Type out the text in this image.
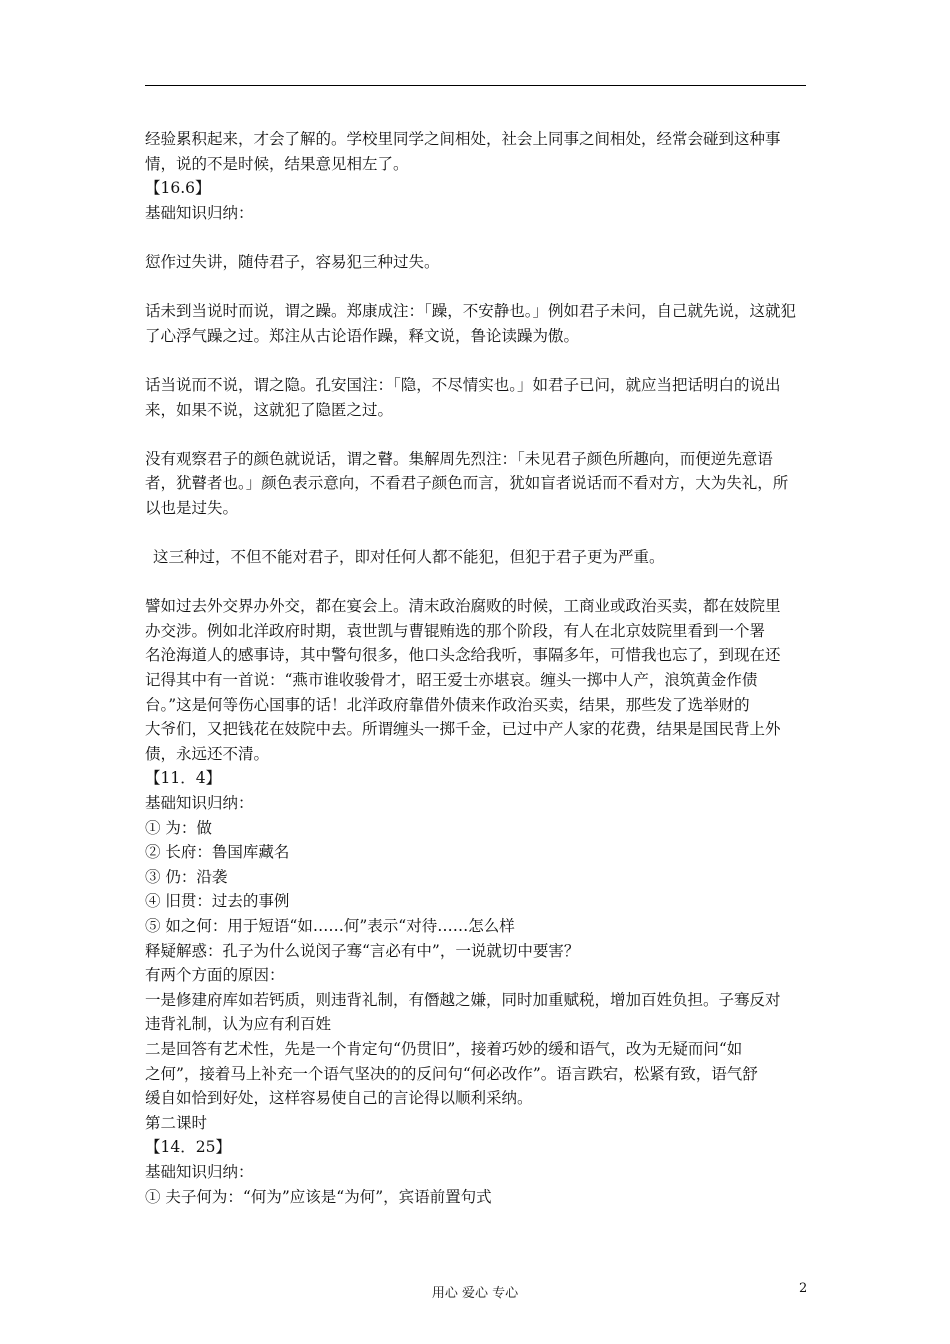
经验累积起来，才会了解的。学校里同学之间相处，社会上同事之间相处，经常会碰到这种事

情，说的不是时候，结果意见相左了。

【16.6】

基础知识归纳：

愆作过失讲，随侍君子，容易犯三种过失。

话未到当说时而说，谓之躁。郑康成注：「躁，不安静也。」例如君子未问，自己就先说，这就犯

了心浮气躁之过。郑注从古论语作躁，释文说，鲁论读躁为傲。

话当说而不说，谓之隐。孔安国注：「隐，不尽情实也。」如君子已问，就应当把话明白的说出

来，如果不说，这就犯了隐匿之过。

没有观察君子的颜色就说话，谓之瞽。集解周先烈注：「未见君子颜色所趣向，而便逆先意语

者，犹瞽者也。」颜色表示意向，不看君子颜色而言，犹如盲者说话而不看对方，大为失礼，所

以也是过失。

这三种过，不但不能对君子，即对任何人都不能犯，但犯于君子更为严重。

譬如过去外交界办外交，都在宴会上。清末政治腐败的时候，工商业或政治买卖，都在妓院里

办交涉。例如北洋政府时期，袁世凯与曹锟贿选的那个阶段，有人在北京妓院里看到一个署

名沧海道人的感事诗，其中警句很多，他口头念给我听，事隔多年，可惜我也忘了，到现在还

记得其中有一首说：“燕市谁收骏骨才，昭王爱士亦堪哀。缠头一掷中人产，浪筑黄金作债

台。”这是何等伤心国事的话！北洋政府靠借外债来作政治买卖，结果，那些发了选举财的

大爷们，又把钱花在妓院中去。所谓缠头一掷千金，已过中产人家的花费，结果是国民背上外

债，永远还不清。

【11．4】

基础知识归纳：

① 为：做

② 长府：鲁国库藏名

③ 仍：沿袭

④ 旧贯：过去的事例

⑤ 如之何：用于短语“如……何”表示“对待……怎么样

释疑解惑：孔子为什么说闵子骞“言必有中”，一说就切中要害？

有两个方面的原因：

一是修建府库如若钙质，则违背礼制，有僭越之嫌，同时加重赋税，增加百姓负担。子骞反对

违背礼制，认为应有利百姓

二是回答有艺术性，先是一个肯定句“仍贯旧”，接着巧妙的缓和语气，改为无疑而问“如

之何”，接着马上补充一个语气坚决的的反问句“何必改作”。语言跌宕，松紧有致，语气舒

缓自如恰到好处，这样容易使自己的言论得以顺利采纳。

第二课时

【14．25】

基础知识归纳：

① 夫子何为：“何为”应该是“为何”，宾语前置句式

用心 爱心 专心	2
